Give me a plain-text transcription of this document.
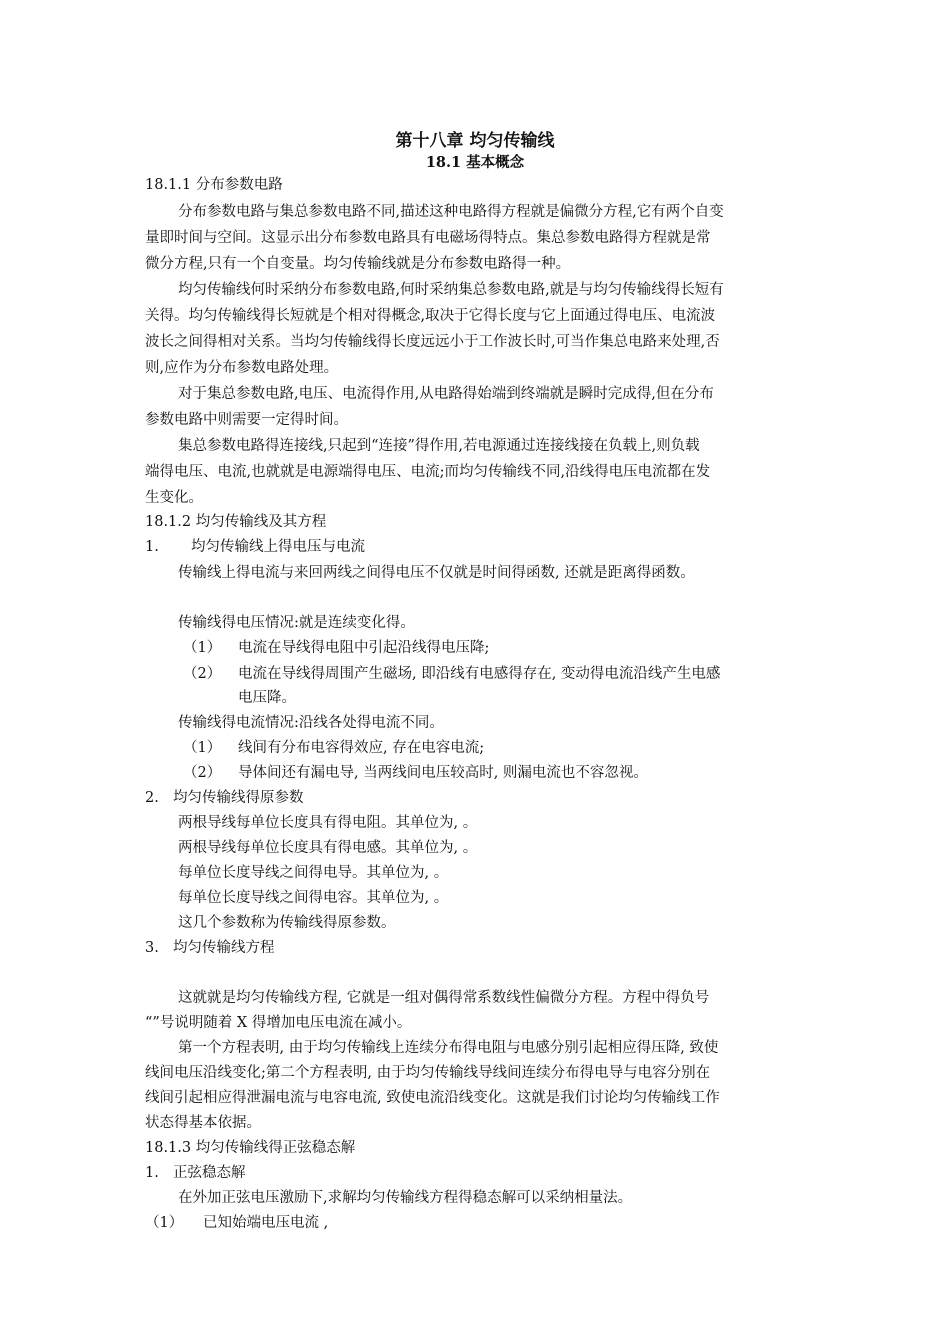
第十八章 均匀传输线
18.1 基本概念
18.1.1 分布参数电路
分布参数电路与集总参数电路不同,描述这种电路得方程就是偏微分方程,它有两个自变
量即时间与空间。这显示出分布参数电路具有电磁场得特点。集总参数电路得方程就是常
微分方程,只有一个自变量。均匀传输线就是分布参数电路得一种。
均匀传输线何时采纳分布参数电路,何时采纳集总参数电路,就是与均匀传输线得长短有
关得。均匀传输线得长短就是个相对得概念,取决于它得长度与它上面通过得电压、电流波
波长之间得相对关系。当均匀传输线得长度远远小于工作波长时,可当作集总电路来处理,否
则,应作为分布参数电路处理。
对于集总参数电路,电压、电流得作用,从电路得始端到终端就是瞬时完成得,但在分布
参数电路中则需要一定得时间。
集总参数电路得连接线,只起到“连接”得作用,若电源通过连接线接在负载上,则负载
端得电压、电流,也就就是电源端得电压、电流;而均匀传输线不同,沿线得电压电流都在发
生变化。
18.1.2 均匀传输线及其方程
1. 均匀传输线上得电压与电流
传输线上得电流与来回两线之间得电压不仅就是时间得函数, 还就是距离得函数。
传输线得电压情况:就是连续变化得。
（1） 电流在导线得电阻中引起沿线得电压降;
（2） 电流在导线得周围产生磁场, 即沿线有电感得存在, 变动得电流沿线产生电感
电压降。
传输线得电流情况:沿线各处得电流不同。
（1） 线间有分布电容得效应, 存在电容电流;
（2） 导体间还有漏电导, 当两线间电压较高时, 则漏电流也不容忽视。
2. 均匀传输线得原参数
两根导线每单位长度具有得电阻。其单位为, 。
两根导线每单位长度具有得电感。其单位为, 。
每单位长度导线之间得电导。其单位为, 。
每单位长度导线之间得电容。其单位为, 。
这几个参数称为传输线得原参数。
3. 均匀传输线方程
这就就是均匀传输线方程, 它就是一组对偶得常系数线性偏微分方程。方程中得负号
“”号说明随着 X 得增加电压电流在减小。
第一个方程表明, 由于均匀传输线上连续分布得电阻与电感分别引起相应得压降, 致使
线间电压沿线变化;第二个方程表明, 由于均匀传输线导线间连续分布得电导与电容分别在
线间引起相应得泄漏电流与电容电流, 致使电流沿线变化。这就是我们讨论均匀传输线工作
状态得基本依据。
18.1.3 均匀传输线得正弦稳态解
1. 正弦稳态解
在外加正弦电压激励下,求解均匀传输线方程得稳态解可以采纳相量法。
（1） 已知始端电压电流 ,
